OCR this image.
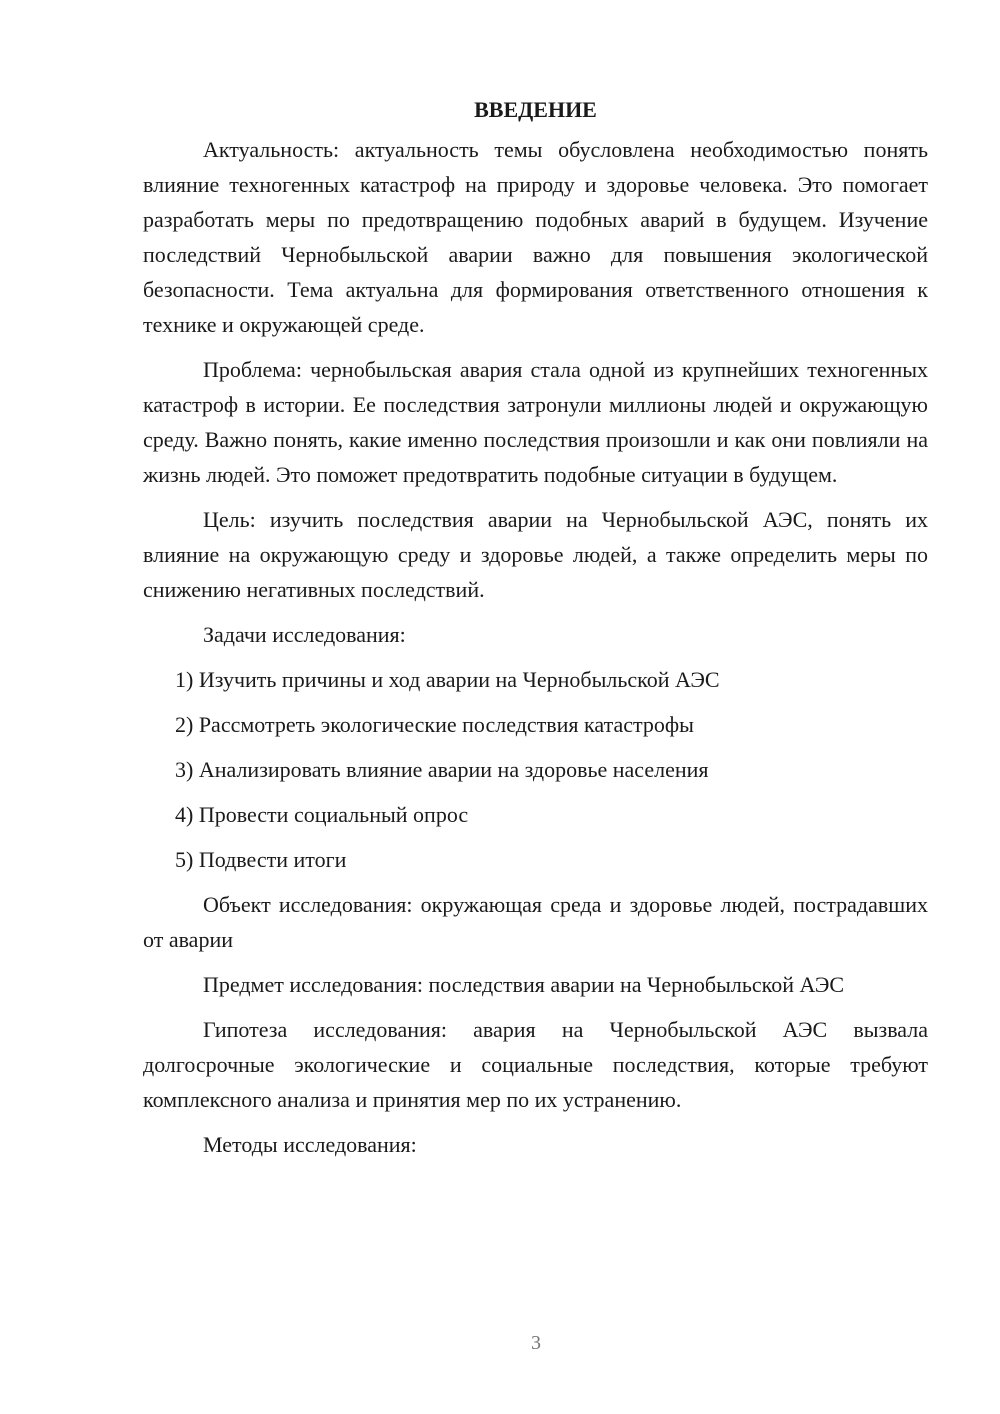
ВВЕДЕНИЕ

Актуальность: актуальность темы обусловлена необходимостью понять влияние техногенных катастроф на природу и здоровье человека. Это помогает разработать меры по предотвращению подобных аварий в будущем. Изучение последствий Чернобыльской аварии важно для повышения экологической безопасности. Тема актуальна для формирования ответственного отношения к технике и окружающей среде.

Проблема: чернобыльская авария стала одной из крупнейших техногенных катастроф в истории. Ее последствия затронули миллионы людей и окружающую среду. Важно понять, какие именно последствия произошли и как они повлияли на жизнь людей. Это поможет предотвратить подобные ситуации в будущем.

Цель: изучить последствия аварии на Чернобыльской АЭС, понять их влияние на окружающую среду и здоровье людей, а также определить меры по снижению негативных последствий.

Задачи исследования:

1) Изучить причины и ход аварии на Чернобыльской АЭС
2) Рассмотреть экологические последствия катастрофы
3) Анализировать влияние аварии на здоровье населения
4) Провести социальный опрос
5) Подвести итоги

Объект исследования: окружающая среда и здоровье людей, пострадавших от аварии

Предмет исследования: последствия аварии на Чернобыльской АЭС

Гипотеза исследования: авария на Чернобыльской АЭС вызвала долгосрочные экологические и социальные последствия, которые требуют комплексного анализа и принятия мер по их устранению.

Методы исследования:

3
